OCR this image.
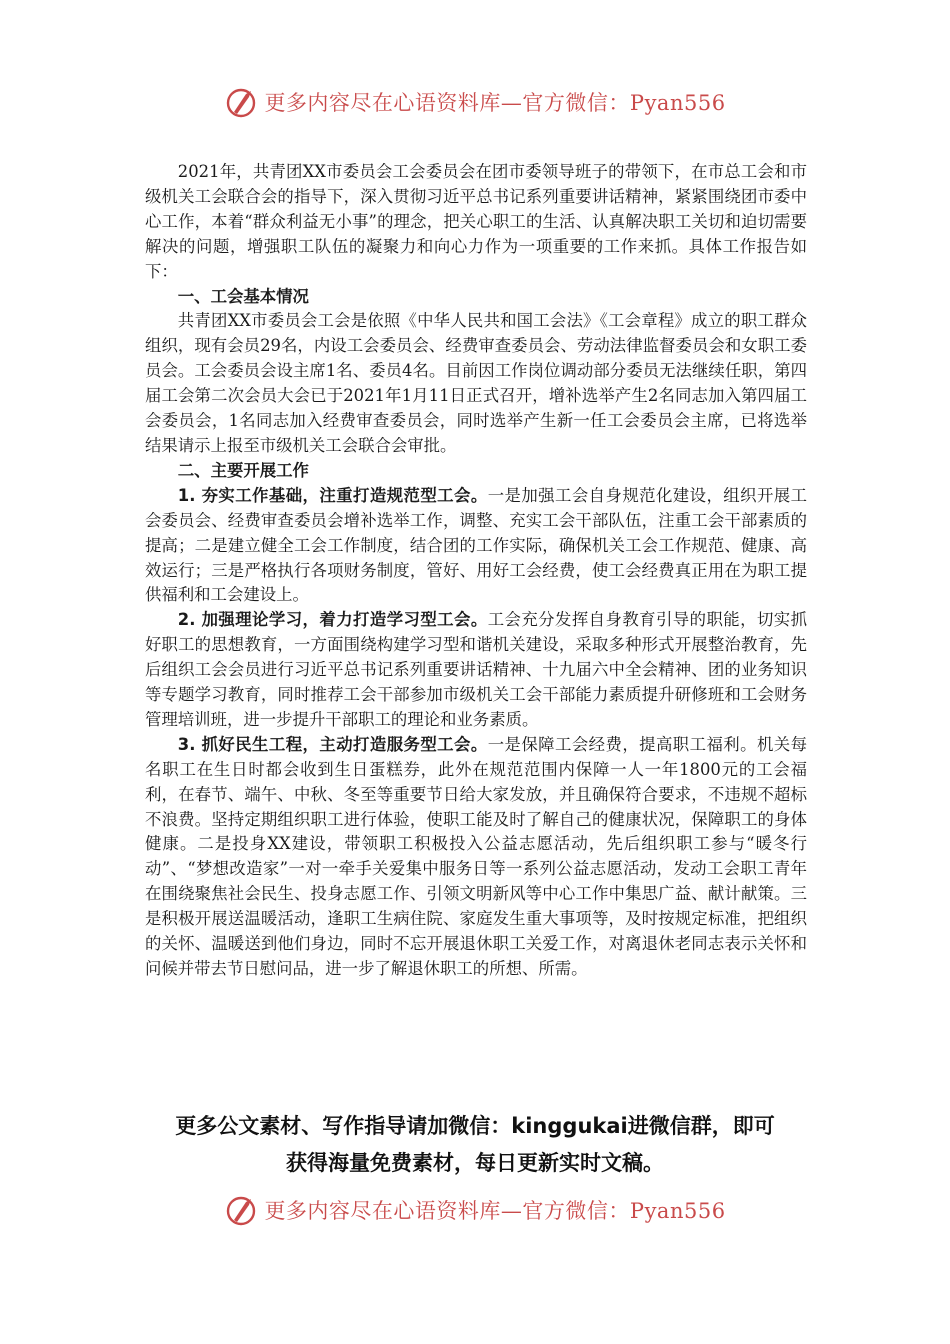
更多内容尽在心语资料库—官方微信：Pyan556

2021年，共青团XX市委员会工会委员会在团市委领导班子的带领下，在市总工会和市级机关工会联合会的指导下，深入贯彻习近平总书记系列重要讲话精神，紧紧围绕团市委中心工作，本着“群众利益无小事”的理念，把关心职工的生活、认真解决职工关切和迫切需要解决的问题，增强职工队伍的凝聚力和向心力作为一项重要的工作来抓。具体工作报告如下：

一、工会基本情况

共青团XX市委员会工会是依照《中华人民共和国工会法》《工会章程》成立的职工群众组织，现有会员29名，内设工会委员会、经费审查委员会、劳动法律监督委员会和女职工委员会。工会委员会设主席1名、委员4名。目前因工作岗位调动部分委员无法继续任职，第四届工会第二次会员大会已于2021年1月11日正式召开，增补选举产生2名同志加入第四届工会委员会，1名同志加入经费审查委员会，同时选举产生新一任工会委员会主席，已将选举结果请示上报至市级机关工会联合会审批。

二、主要开展工作

1. 夯实工作基础，注重打造规范型工会。一是加强工会自身规范化建设，组织开展工会委员会、经费审查委员会增补选举工作，调整、充实工会干部队伍，注重工会干部素质的提高；二是建立健全工会工作制度，结合团的工作实际，确保机关工会工作规范、健康、高效运行；三是严格执行各项财务制度，管好、用好工会经费，使工会经费真正用在为职工提供福利和工会建设上。

2. 加强理论学习，着力打造学习型工会。工会充分发挥自身教育引导的职能，切实抓好职工的思想教育，一方面围绕构建学习型和谐机关建设，采取多种形式开展整治教育，先后组织工会会员进行习近平总书记系列重要讲话精神、十九届六中全会精神、团的业务知识等专题学习教育，同时推荐工会干部参加市级机关工会干部能力素质提升研修班和工会财务管理培训班，进一步提升干部职工的理论和业务素质。

3. 抓好民生工程，主动打造服务型工会。一是保障工会经费，提高职工福利。机关每名职工在生日时都会收到生日蛋糕券，此外在规范范围内保障一人一年1800元的工会福利，在春节、端午、中秋、冬至等重要节日给大家发放，并且确保符合要求，不违规不超标不浪费。坚持定期组织职工进行体验，使职工能及时了解自己的健康状况，保障职工的身体健康。二是投身XX建设，带领职工积极投入公益志愿活动，先后组织职工参与“暖冬行动”、“梦想改造家”一对一牵手关爱集中服务日等一系列公益志愿活动，发动工会职工青年在围绕聚焦社会民生、投身志愿工作、引领文明新风等中心工作中集思广益、献计献策。三是积极开展送温暖活动，逢职工生病住院、家庭发生重大事项等，及时按规定标准，把组织的关怀、温暖送到他们身边，同时不忘开展退休职工关爱工作，对离退休老同志表示关怀和问候并带去节日慰问品，进一步了解退休职工的所想、所需。

更多公文素材、写作指导请加微信：kinggukai进微信群，即可
获得海量免费素材，每日更新实时文稿。
更多内容尽在心语资料库—官方微信：Pyan556
